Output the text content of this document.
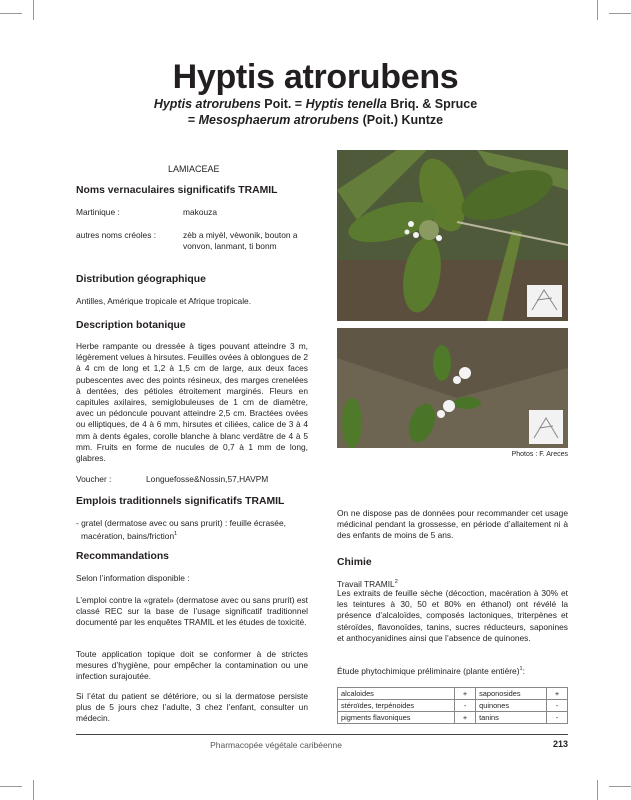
Hyptis atrorubens
Hyptis atrorubens Poit. = Hyptis tenella Briq. & Spruce
= Mesosphaerum atrorubens (Poit.) Kuntze
LAMIACEAE
Noms vernaculaires significatifs TRAMIL
Martinique :	makouza
autres noms créoles :	zèb a miyèl, vèwonik, bouton a vonvon, lanmant, ti bonm
Distribution géographique
Antilles, Amérique tropicale et Afrique tropicale.
Description botanique
Herbe rampante ou dressée à tiges pouvant atteindre 3 m, légèrement velues à hirsutes. Feuilles ovées à oblongues de 2 à 4 cm de long et 1,2 à 1,5 cm de large, aux deux faces pubescentes avec des points résineux, des marges crenelées à dentées, des pétioles étroitement marginés. Fleurs en capitules axilaires, semiglobuleuses de 1 cm de diamètre, avec un pédoncule pouvant atteindre 2,5 cm. Bractées ovées ou elliptiques, de 4 à 6 mm, hirsutes et ciliées, calice de 3 à 4 mm à dents égales, corolle blanche à blanc verdâtre de 4 à 5 mm. Fruits en forme de nucules de 0,7 à 1 mm de long, glabres.
Voucher :	Longuefosse&Nossin,57,HAVPM
Emplois traditionnels significatifs TRAMIL
- gratel (dermatose avec ou sans prurit) : feuille écrasée,
macération, bains/friction$^1$
Recommandations
Selon l’information disponible :
L’emploi contre la «gratel» (dermatose avec ou sans prurit) est classé REC sur la base de l’usage significatif traditionnel documenté par les enquêtes TRAMIL et les études de toxicité.
Toute application topique doit se conformer à de strictes mesures d’hygiène, pour empêcher la contamination ou une infection surajoutée.
Si l’état du patient se détériore, ou si la dermatose persiste plus de 5 jours chez l’adulte, 3 chez l’enfant, consulter un médecin.
Photos : F. Areces
On ne dispose pas de données pour recommander cet usage médicinal pendant la grossesse, en période d’allaitement ni à des enfants de moins de 5 ans.
Chimie
Travail TRAMIL$^2$
Les extraits de feuille sèche (décoction, macération à 30% et les teintures à 30, 50 et 80% en éthanol) ont révélé la présence d’alcaloïdes, composés lactoniques, triterpènes et stéroïdes, flavonoïdes, tanins, sucres réducteurs, saponines et anthocyanidines ainsi que l’absence de quinones.
Étude phytochimique préliminaire (plante entière)$^1$:
alcaloides	+	saponosides	+
stéroïdes, terpénoides	-	quinones	-
pigments flavoniques	+	tanins	-
Pharmacopée végétale caribéenne	213
